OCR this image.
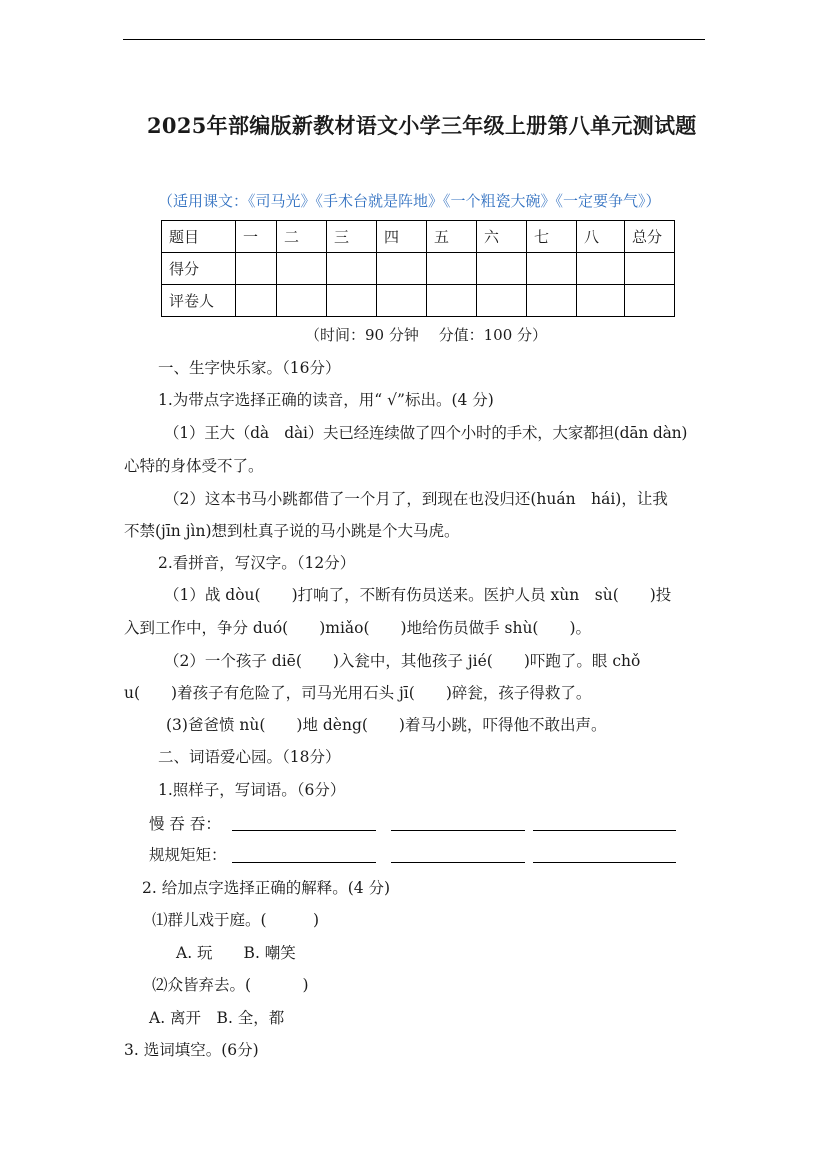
2025年部编版新教材语文小学三年级上册第八单元测试题
（适用课文：《司马光》《手术台就是阵地》《一个粗瓷大碗》《一定要争气》）
题目	一	二	三	四	五	六	七	八	总分
得分									
评卷人									
（时间：90 分钟　 分值：100 分）
一、生字快乐家。（16分）
1.为带点字选择正确的读音，用“ √”标出。(4 分)
（1）王大（dà　dài）夫已经连续做了四个小时的手术，大家都担(dān dàn)
心特的身体受不了。
（2）这本书马小跳都借了一个月了，到现在也没归还(huán　hái)，让我
不禁(jīn jìn)想到杜真子说的马小跳是个大马虎。
2.看拼音，写汉字。（12分）
（1）战 dòu(　　)打响了，不断有伤员送来。医护人员 xùn　sù(　　)投
入到工作中，争分 duó(　　)miǎo(　　)地给伤员做手 shù(　　)。
（2）一个孩子 diē(　　)入瓮中，其他孩子 jié(　　)吓跑了。眼 chǒ
u(　　)着孩子有危险了，司马光用石头 jī(　　)碎瓮，孩子得救了。
(3)爸爸愤 nù(　　)地 dèng(　　)着马小跳，吓得他不敢出声。
二、词语爱心园。（18分）
1.照样子，写词语。（6分）
慢 吞 吞：
规规矩矩：
2. 给加点字选择正确的解释。(4 分)
⑴群儿戏于庭。(　　　)
A. 玩　　B. 嘲笑
⑵众皆弃去。(　　　 )
A. 离开　B. 全，都
3. 选词填空。(6分)
